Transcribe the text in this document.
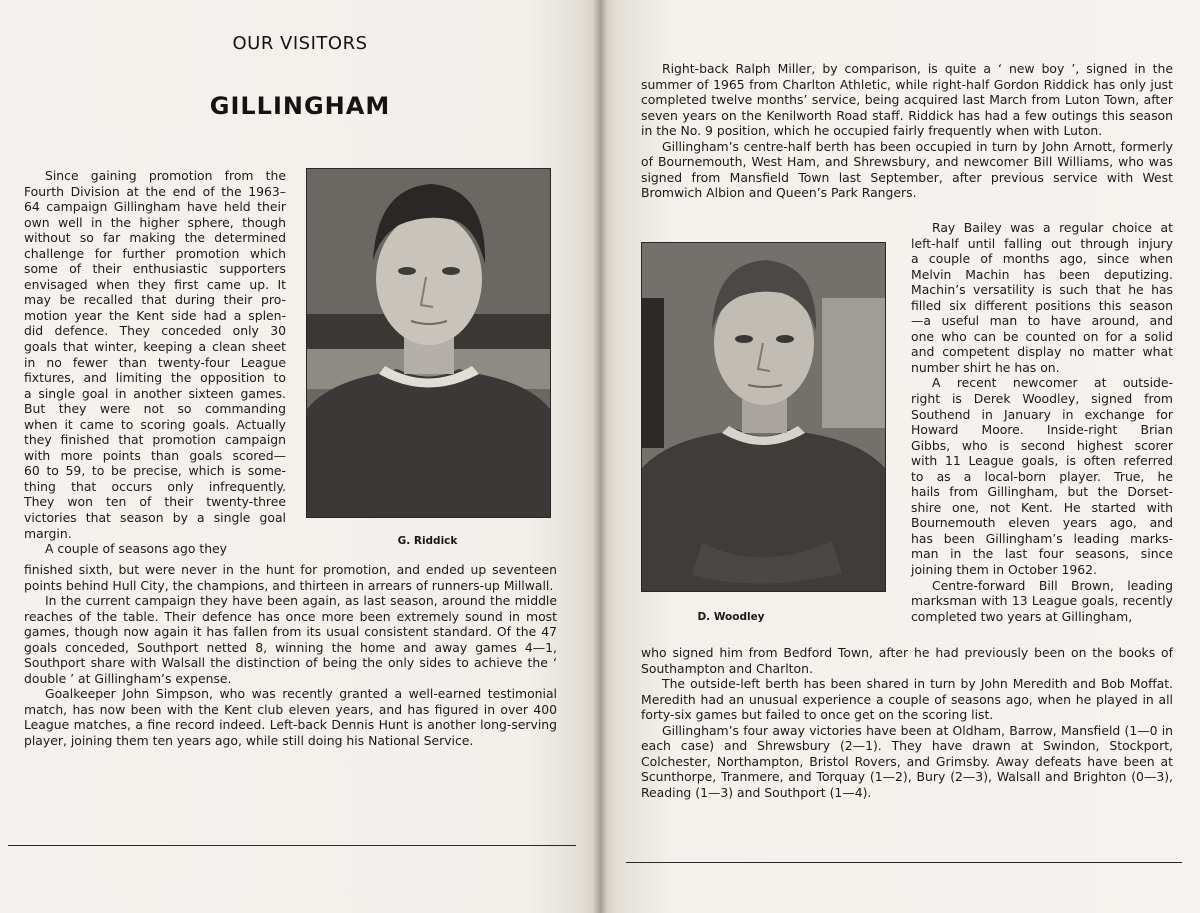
OUR VISITORS
GILLINGHAM

Since gaining promotion from the
Fourth Division at the end of the 1963–
64 campaign Gillingham have held their
own well in the higher sphere, though
without so far making the determined
challenge for further promotion which
some of their enthusiastic supporters
envisaged when they first came up. It
may be recalled that during their pro-
motion year the Kent side had a splen-
did defence. They conceded only 30
goals that winter, keeping a clean sheet
in no fewer than twenty-four League
fixtures, and limiting the opposition to
a single goal in another sixteen games.
But they were not so commanding
when it came to scoring goals. Actually
they finished that promotion campaign
with more points than goals scored—
60 to 59, to be precise, which is some-
thing that occurs only infrequently.
They won ten of their twenty-three
victories that season by a single goal
margin.

A couple of seasons ago they

G. Riddick

finished sixth, but were never in the hunt for promotion, and ended up seventeen points behind Hull City, the champions, and thirteen in arrears of runners-up Millwall.

In the current campaign they have been again, as last season, around the middle reaches of the table. Their defence has once more been extremely sound in most games, though now again it has fallen from its usual consistent standard. Of the 47 goals conceded, Southport netted 8, winning the home and away games 4—1, Southport share with Walsall the distinction of being the only sides to achieve the ‘ double ’ at Gillingham’s expense.

Goalkeeper John Simpson, who was recently granted a well-earned testimonial match, has now been with the Kent club eleven years, and has figured in over 400 League matches, a fine record indeed. Left-back Dennis Hunt is another long-serving player, joining them ten years ago, while still doing his National Service.

Right-back Ralph Miller, by comparison, is quite a ‘ new boy ’, signed in the summer of 1965 from Charlton Athletic, while right-half Gordon Riddick has only just completed twelve months’ service, being acquired last March from Luton Town, after seven years on the Kenilworth Road staff. Riddick has had a few outings this season in the No. 9 position, which he occupied fairly frequently when with Luton.

Gillingham’s centre-half berth has been occupied in turn by John Arnott, formerly of Bournemouth, West Ham, and Shrewsbury, and newcomer Bill Williams, who was signed from Mansfield Town last September, after previous service with West Bromwich Albion and Queen’s Park Rangers.

D. Woodley

Ray Bailey was a regular choice at
left-half until falling out through injury
a couple of months ago, since when
Melvin Machin has been deputizing.
Machin’s versatility is such that he has
filled six different positions this season
—a useful man to have around, and
one who can be counted on for a solid
and competent display no matter what
number shirt he has on.

A recent newcomer at outside-
right is Derek Woodley, signed from
Southend in January in exchange for
Howard Moore. Inside-right Brian
Gibbs, who is second highest scorer
with 11 League goals, is often referred
to as a local-born player. True, he
hails from Gillingham, but the Dorset-
shire one, not Kent. He started with
Bournemouth eleven years ago, and
has been Gillingham’s leading marks-
man in the last four seasons, since
joining them in October 1962.

Centre-forward Bill Brown, leading
marksman with 13 League goals, recently
completed two years at Gillingham,

who signed him from Bedford Town, after he had previously been on the books of Southampton and Charlton.

The outside-left berth has been shared in turn by John Meredith and Bob Moffat. Meredith had an unusual experience a couple of seasons ago, when he played in all forty-six games but failed to once get on the scoring list.

Gillingham’s four away victories have been at Oldham, Barrow, Mansfield (1—0 in each case) and Shrewsbury (2—1). They have drawn at Swindon, Stockport, Colchester, Northampton, Bristol Rovers, and Grimsby. Away defeats have been at Scunthorpe, Tranmere, and Torquay (1—2), Bury (2—3), Walsall and Brighton (0—3), Reading (1—3) and Southport (1—4).
